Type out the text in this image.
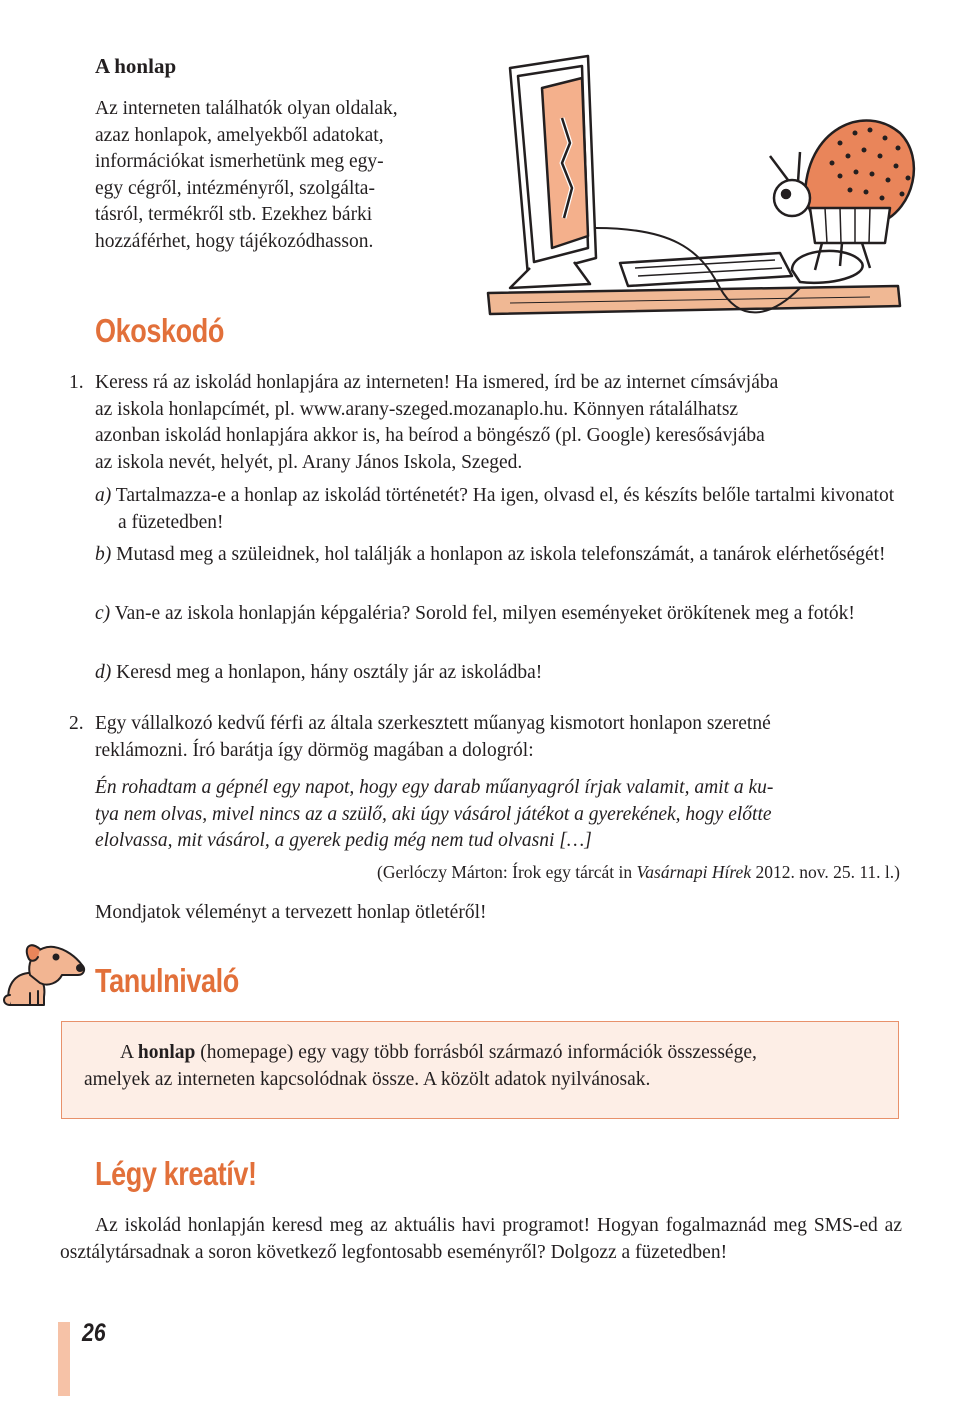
A honlap
Az interneten találhatók olyan oldalak,
azaz honlapok, amelyekből adatokat,
információkat ismerhetünk meg egy-
egy cégről, intézményről, szolgálta-
tásról, termékről stb. Ezekhez bárki
hozzáférhet, hogy tájékozódhasson.
Okoskodó
1. Keress rá az iskolád honlapjára az interneten! Ha ismered, írd be az internet címsávjába
az iskola honlapcímét, pl. www.arany-szeged.mozanaplo.hu. Könnyen rátalálhatsz
azonban iskolád honlapjára akkor is, ha beírod a böngésző (pl. Google) keresősávjába
az iskola nevét, helyét, pl. Arany János Iskola, Szeged.
a) Tartalmazza-e a honlap az iskolád történetét? Ha igen, olvasd el, és készíts belőle tartalmi kivonatot a füzetedben!
b) Mutasd meg a szüleidnek, hol találják a honlapon az iskola telefonszámát, a tanárok elérhetőségét!
c) Van-e az iskola honlapján képgaléria? Sorold fel, milyen eseményeket örökítenek meg a fotók!
d) Keresd meg a honlapon, hány osztály jár az iskoládba!
2. Egy vállalkozó kedvű férfi az általa szerkesztett műanyag kismotort honlapon szeretné
reklámozni. Író barátja így dörmög magában a dologról:
Én rohadtam a gépnél egy napot, hogy egy darab műanyagról írjak valamit, amit a ku-
tya nem olvas, mivel nincs az a szülő, aki úgy vásárol játékot a gyerekének, hogy előtte
elolvassa, mit vásárol, a gyerek pedig még nem tud olvasni […]
(Gerlóczy Márton: Írok egy tárcát in Vasárnapi Hírek 2012. nov. 25. 11. l.)
Mondjatok véleményt a tervezett honlap ötletéről!
Tanulnivaló
A honlap (homepage) egy vagy több forrásból származó információk összessége,
amelyek az interneten kapcsolódnak össze. A közölt adatok nyilvánosak.
Légy kreatív!
Az iskolád honlapján keresd meg az aktuális havi programot! Hogyan fogalmaznád meg SMS-ed az osztálytársadnak a soron következő legfontosabb eseményről? Dolgozz a füzetedben!
26
